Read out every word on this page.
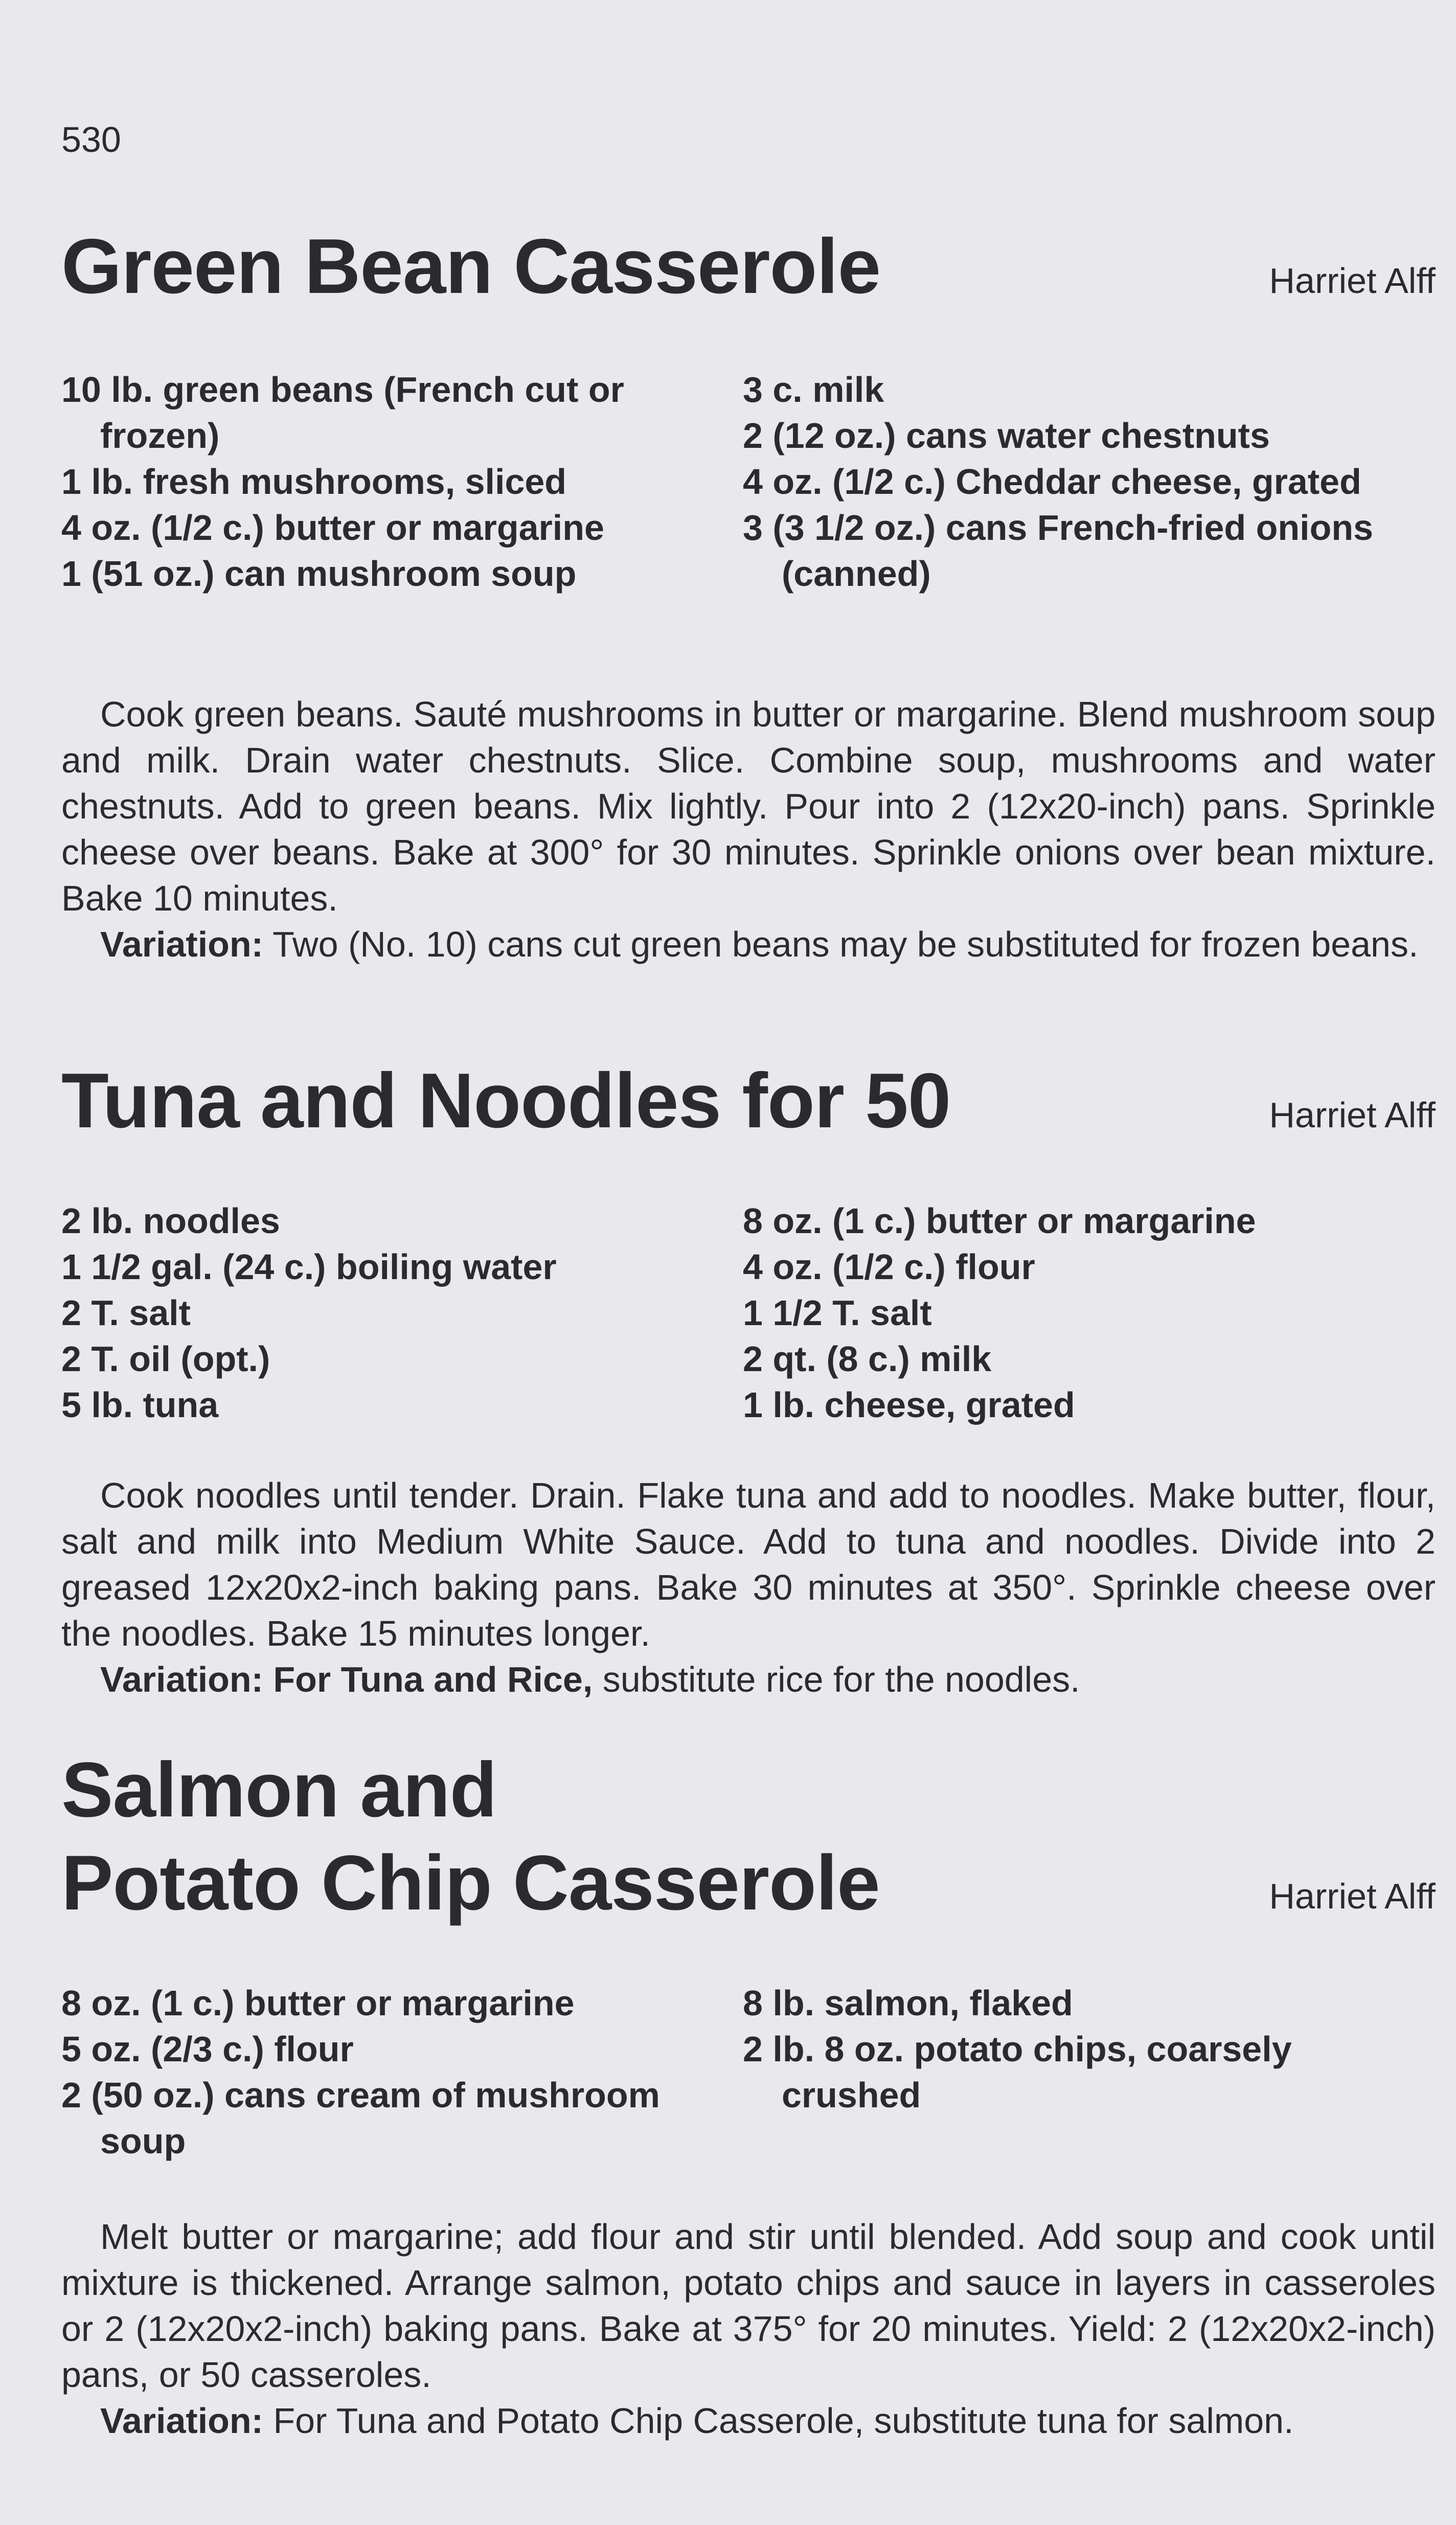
530
Green Bean Casserole	Harriet Alff

10 lb. green beans (French cut or frozen)

1 lb. fresh mushrooms, sliced

4 oz. (1/2 c.) butter or margarine

1 (51 oz.) can mushroom soup

3 c. milk

2 (12 oz.) cans water chestnuts

4 oz. (1/2 c.) Cheddar cheese, grated

3 (3 1/2 oz.) cans French-fried onions (canned)

Cook green beans. Sauté mushrooms in butter or margarine. Blend mushroom soup and milk. Drain water chestnuts. Slice. Combine soup, mushrooms and water chestnuts. Add to green beans. Mix lightly. Pour into 2 (12x20-inch) pans. Sprinkle cheese over beans. Bake at 300° for 30 minutes. Sprinkle onions over bean mixture. Bake 10 minutes.

Variation: Two (No. 10) cans cut green beans may be substituted for frozen beans.

Tuna and Noodles for 50	Harriet Alff

2 lb. noodles

1 1/2 gal. (24 c.) boiling water

2 T. salt

2 T. oil (opt.)

5 lb. tuna

8 oz. (1 c.) butter or margarine

4 oz. (1/2 c.) flour

1 1/2 T. salt

2 qt. (8 c.) milk

1 lb. cheese, grated

Cook noodles until tender. Drain. Flake tuna and add to noodles. Make butter, flour, salt and milk into Medium White Sauce. Add to tuna and noodles. Divide into 2 greased 12x20x2-inch baking pans. Bake 30 minutes at 350°. Sprinkle cheese over the noodles. Bake 15 minutes longer.

Variation: For Tuna and Rice, substitute rice for the noodles.

Salmon and
Potato Chip Casserole	Harriet Alff

8 oz. (1 c.) butter or margarine

5 oz. (2/3 c.) flour

2 (50 oz.) cans cream of mushroom soup

8 lb. salmon, flaked

2 lb. 8 oz. potato chips, coarsely crushed

Melt butter or margarine; add flour and stir until blended. Add soup and cook until mixture is thickened. Arrange salmon, potato chips and sauce in layers in casseroles or 2 (12x20x2-inch) baking pans. Bake at 375° for 20 minutes. Yield: 2 (12x20x2-inch) pans, or 50 casseroles.

Variation: For Tuna and Potato Chip Casserole, substitute tuna for salmon.
